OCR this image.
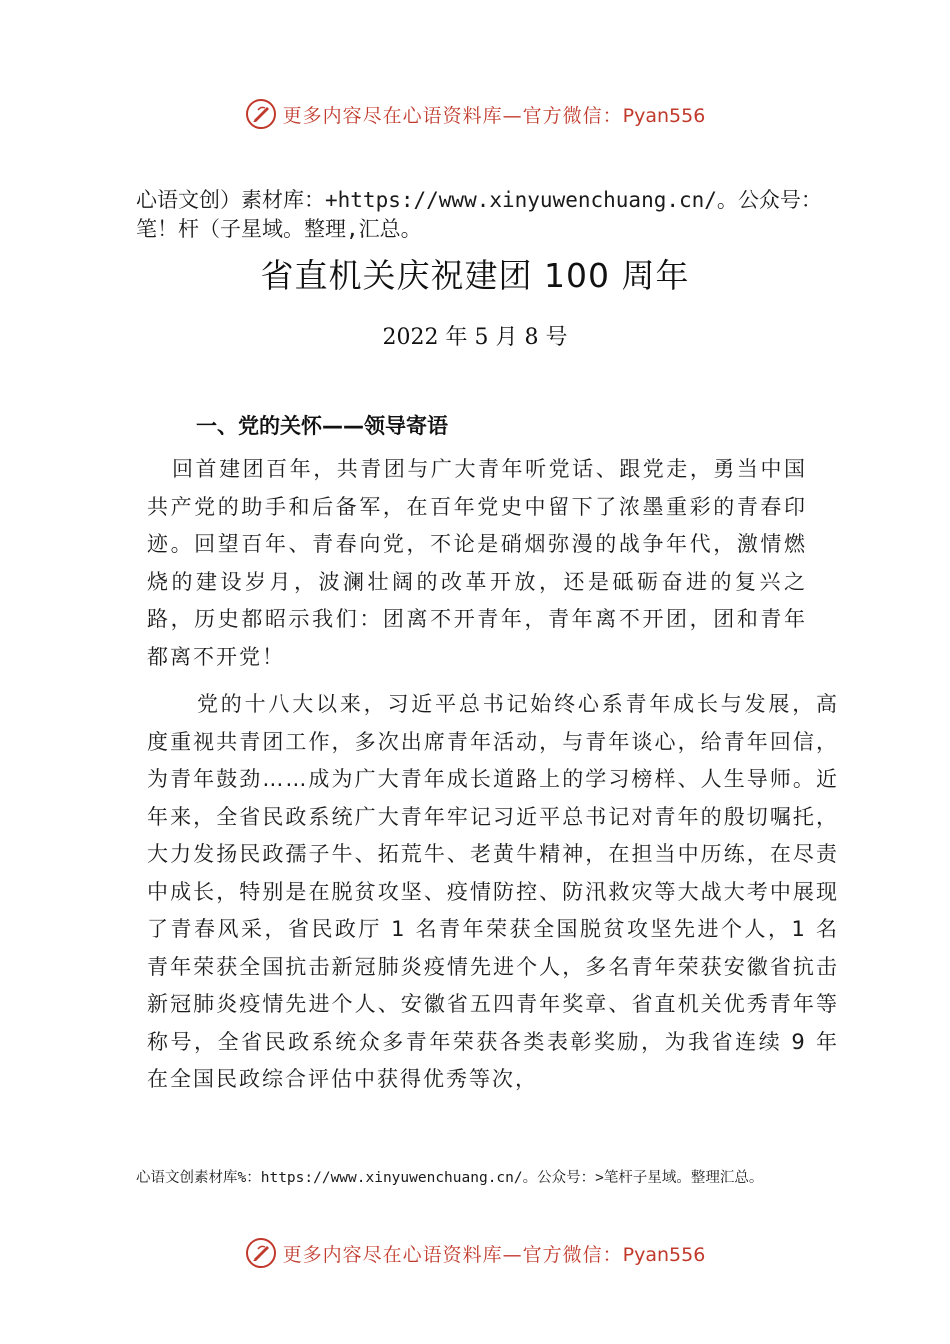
更多内容尽在心语资料库—官方微信：Pyan556
心语文创）素材库：+https://www.xinyuwenchuang.cn/。公众号：笔！杆（子星域。整理,汇总。
省直机关庆祝建团 100 周年
2022 年 5 月 8 号
一、党的关怀——领导寄语

回首建团百年，共青团与广大青年听党话、跟党走，勇当中国共产党的助手和后备军，在百年党史中留下了浓墨重彩的青春印迹。回望百年、青春向党，不论是硝烟弥漫的战争年代，激情燃烧的建设岁月，波澜壮阔的改革开放，还是砥砺奋进的复兴之路，历史都昭示我们：团离不开青年，青年离不开团，团和青年都离不开党！

党的十八大以来，习近平总书记始终心系青年成长与发展，高度重视共青团工作，多次出席青年活动，与青年谈心，给青年回信，为青年鼓劲……成为广大青年成长道路上的学习榜样、人生导师。近年来，全省民政系统广大青年牢记习近平总书记对青年的殷切嘱托，大力发扬民政孺子牛、拓荒牛、老黄牛精神，在担当中历练，在尽责中成长，特别是在脱贫攻坚、疫情防控、防汛救灾等大战大考中展现了青春风采，省民政厅 1 名青年荣获全国脱贫攻坚先进个人，1 名青年荣获全国抗击新冠肺炎疫情先进个人，多名青年荣获安徽省抗击新冠肺炎疫情先进个人、安徽省五四青年奖章、省直机关优秀青年等称号，全省民政系统众多青年荣获各类表彰奖励，为我省连续 9 年在全国民政综合评估中获得优秀等次，

心语文创素材库%：https://www.xinyuwenchuang.cn/。公众号：>笔杆子星域。整理汇总。
更多内容尽在心语资料库—官方微信：Pyan556
